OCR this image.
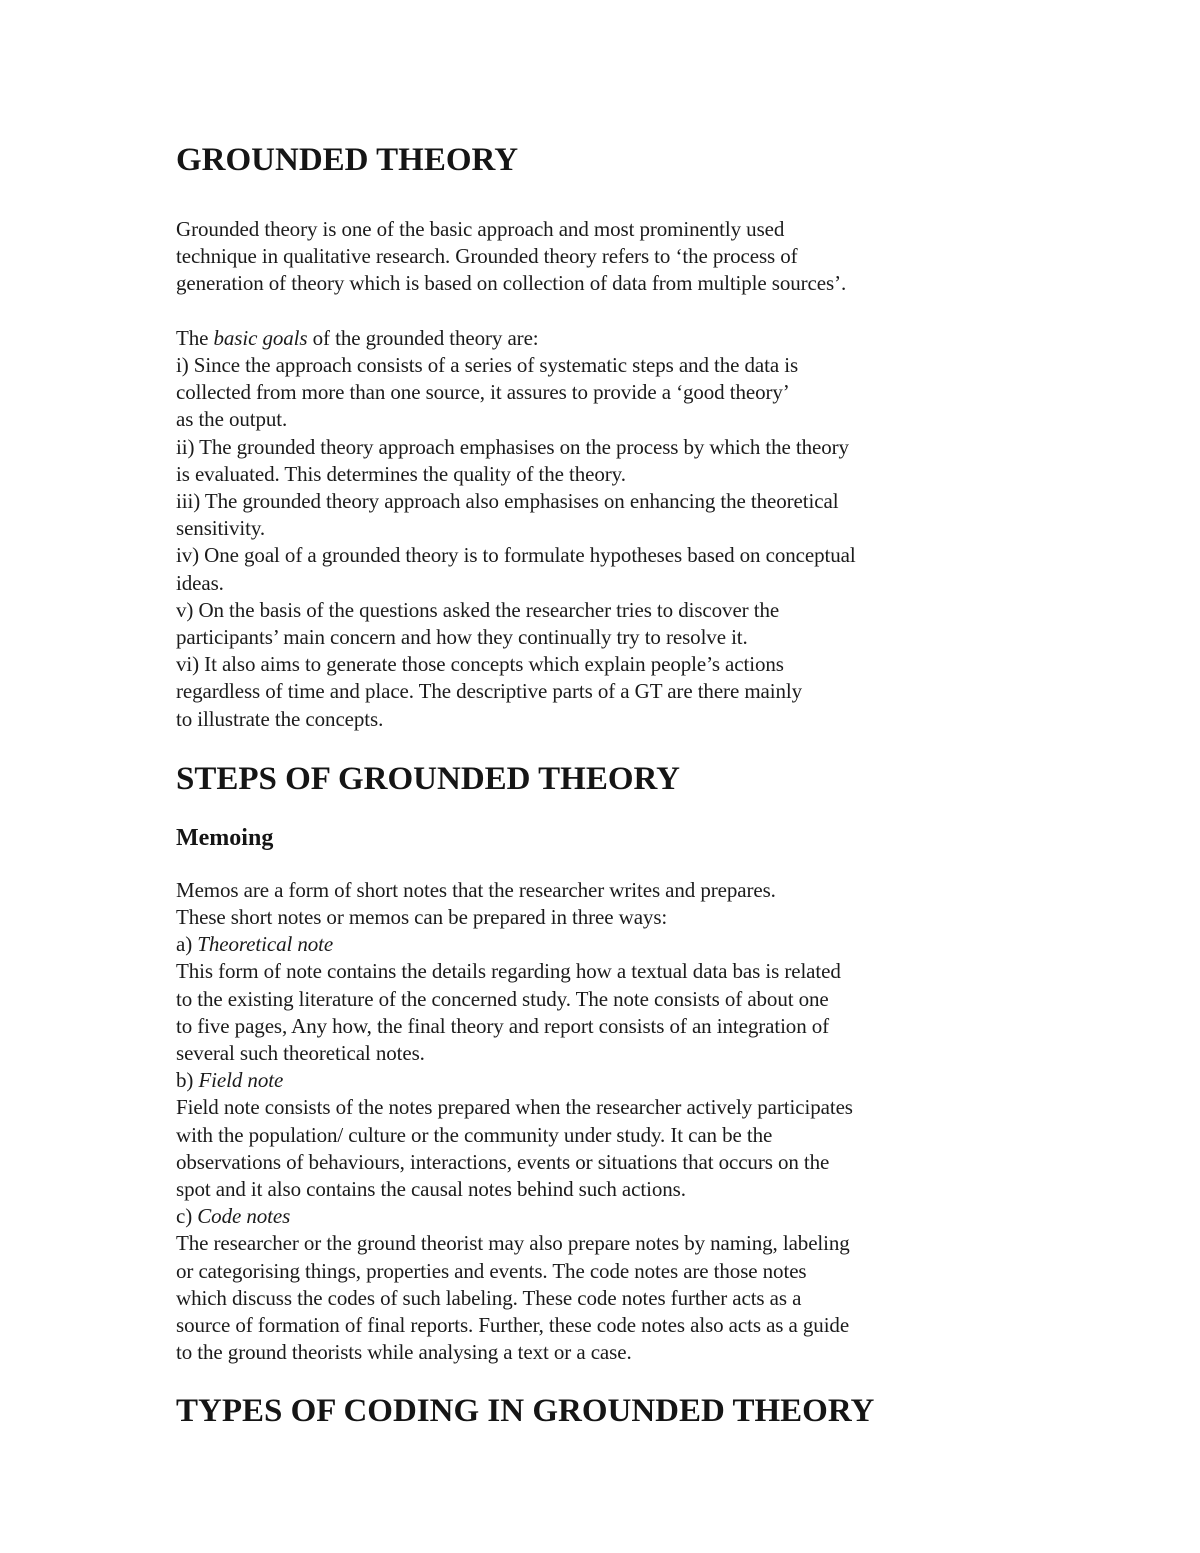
GROUNDED THEORY
Grounded theory is one of the basic approach and most prominently used
technique in qualitative research. Grounded theory refers to ‘the process of
generation of theory which is based on collection of data from multiple sources’.
The basic goals of the grounded theory are:
i) Since the approach consists of a series of systematic steps and the data is
collected from more than one source, it assures to provide a ‘good theory’
as the output.
ii) The grounded theory approach emphasises on the process by which the theory
is evaluated. This determines the quality of the theory.
iii) The grounded theory approach also emphasises on enhancing the theoretical
sensitivity.
iv) One goal of a grounded theory is to formulate hypotheses based on conceptual
ideas.
v) On the basis of the questions asked the researcher tries to discover the
participants’ main concern and how they continually try to resolve it.
vi) It also aims to generate those concepts which explain people’s actions
regardless of time and place. The descriptive parts of a GT are there mainly
to illustrate the concepts.
STEPS OF GROUNDED THEORY
Memoing
Memos are a form of short notes that the researcher writes and prepares.
These short notes or memos can be prepared in three ways:
a) Theoretical note
This form of note contains the details regarding how a textual data bas is related
to the existing literature of the concerned study. The note consists of about one
to five pages, Any how, the final theory and report consists of an integration of
several such theoretical notes.
b) Field note
Field note consists of the notes prepared when the researcher actively participates
with the population/ culture or the community under study. It can be the
observations of behaviours, interactions, events or situations that occurs on the
spot and it also contains the causal notes behind such actions.
c) Code notes
The researcher or the ground theorist may also prepare notes by naming, labeling
or categorising things, properties and events. The code notes are those notes
which discuss the codes of such labeling. These code notes further acts as a
source of formation of final reports. Further, these code notes also acts as a guide
to the ground theorists while analysing a text or a case.
TYPES OF CODING IN GROUNDED THEORY
